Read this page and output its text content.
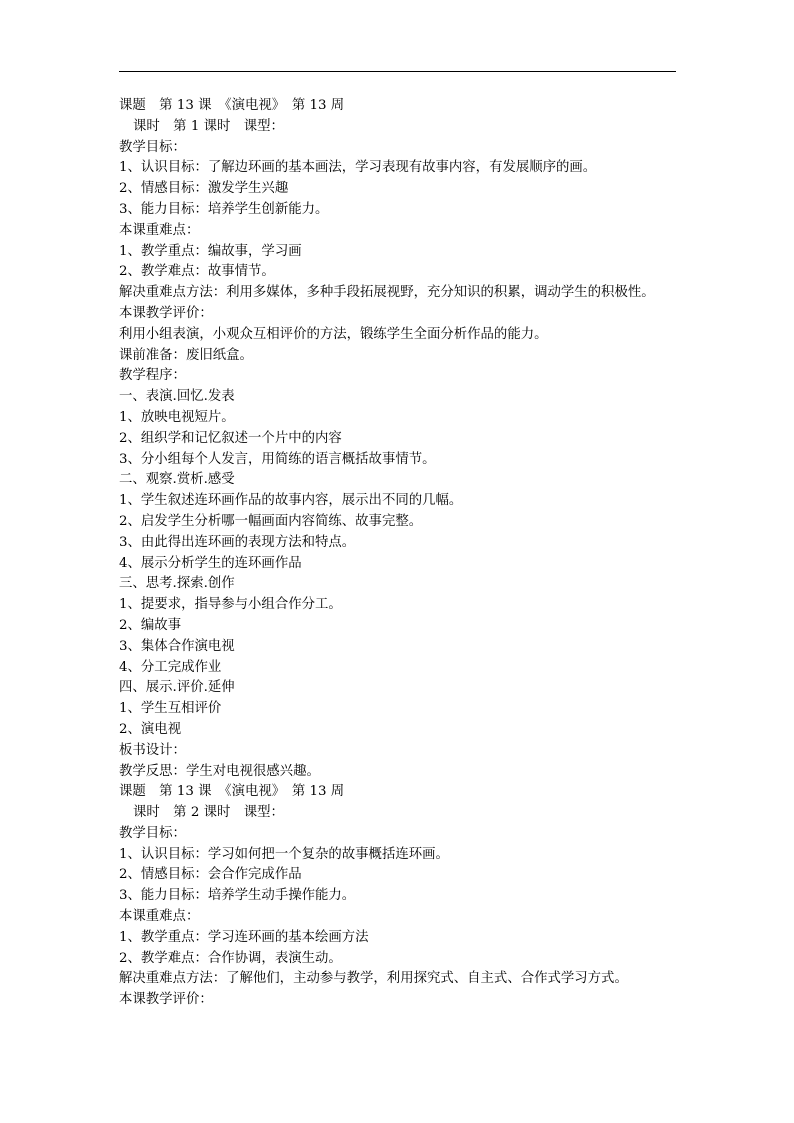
课题　第 13 课　《演电视》　第 13 周
课时　第 1 课时　课型：
教学目标：
1、认识目标：了解边环画的基本画法，学习表现有故事内容，有发展顺序的画。
2、情感目标：激发学生兴趣
3、能力目标：培养学生创新能力。
本课重难点：
1、教学重点：编故事，学习画
2、教学难点：故事情节。
解决重难点方法：利用多媒体，多种手段拓展视野，充分知识的积累，调动学生的积极性。
本课教学评价：
利用小组表演，小观众互相评价的方法，锻练学生全面分析作品的能力。
课前准备：废旧纸盒。
教学程序：
一、表演.回忆.发表
1、放映电视短片。
2、组织学和记忆叙述一个片中的内容
3、分小组每个人发言，用简练的语言概括故事情节。
二、观察.赏析.感受
1、学生叙述连环画作品的故事内容，展示出不同的几幅。
2、启发学生分析哪一幅画面内容简练、故事完整。
3、由此得出连环画的表现方法和特点。
4、展示分析学生的连环画作品
三、思考.探索.创作
1、提要求，指导参与小组合作分工。
2、编故事
3、集体合作演电视
4、分工完成作业
四、展示.评价.延伸
1、学生互相评价
2、演电视
板书设计：
教学反思：学生对电视很感兴趣。
课题　第 13 课　《演电视》　第 13 周
课时　第 2 课时　课型：
教学目标：
1、认识目标：学习如何把一个复杂的故事概括连环画。
2、情感目标：会合作完成作品
3、能力目标：培养学生动手操作能力。
本课重难点：
1、教学重点：学习连环画的基本绘画方法
2、教学难点：合作协调，表演生动。
解决重难点方法：了解他们，主动参与教学，利用探究式、自主式、合作式学习方式。
本课教学评价：
